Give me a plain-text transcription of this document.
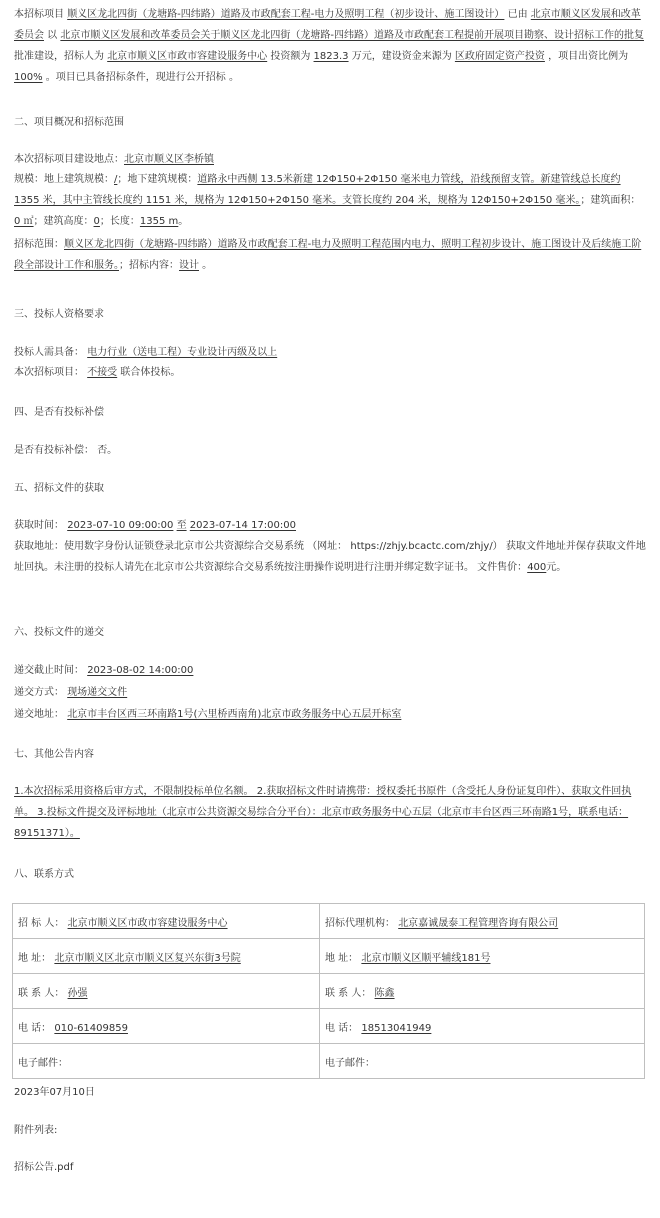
本招标项目 顺义区龙北四街（龙塘路-四纬路）道路及市政配套工程-电力及照明工程（初步设计、施工图设计） 已由 北京市顺义区发展和改革委员会 以 北京市顺义区发展和改革委员会关于顺义区龙北四街（龙塘路-四纬路）道路及市政配套工程提前开展项目勘察、设计招标工作的批复 批准建设，招标人为 北京市顺义区市政市容建设服务中心 投资额为 1823.3 万元，建设资金来源为 区政府固定资产投资 ，项目出资比例为 100% 。项目已具备招标条件，现进行公开招标 。

二、项目概况和招标范围

本次招标项目建设地点：北京市顺义区李桥镇

规模：地上建筑规模：/；地下建筑规模：道路永中西侧 13.5米新建 12Φ150+2Φ150 毫米电力管线，沿线预留支管。新建管线总长度约 1355 米，其中主管线长度约 1151 米，规格为 12Φ150+2Φ150 毫米。支管长度约 204 米，规格为 12Φ150+2Φ150 毫米。；建筑面积：0 ㎡；建筑高度：0；长度：1355 m。

招标范围：顺义区龙北四街（龙塘路-四纬路）道路及市政配套工程-电力及照明工程范围内电力、照明工程初步设计、施工图设计及后续施工阶段全部设计工作和服务。；招标内容：设计 。

三、投标人资格要求

投标人需具备： 电力行业（送电工程）专业设计丙级及以上

本次招标项目： 不接受 联合体投标。

四、是否有投标补偿

是否有投标补偿： 否。

五、招标文件的获取

获取时间： 2023-07-10 09:00:00 至 2023-07-14 17:00:00

获取地址：使用数字身份认证锁登录北京市公共资源综合交易系统 （网址： https://zhjy.bcactc.com/zhjy/） 获取文件地址并保存获取文件地址回执。未注册的投标人请先在北京市公共资源综合交易系统按注册操作说明进行注册并绑定数字证书。 文件售价：400元。

六、投标文件的递交

递交截止时间： 2023-08-02 14:00:00

递交方式： 现场递交文件

递交地址： 北京市丰台区西三环南路1号(六里桥西南角)北京市政务服务中心五层开标室

七、其他公告内容

1.本次招标采用资格后审方式，不限制投标单位名额。 2.获取招标文件时请携带：授权委托书原件（含受托人身份证复印件）、获取文件回执单。 3.投标文件提交及评标地址（北京市公共资源交易综合分平台）：北京市政务服务中心五层（北京市丰台区西三环南路1号，联系电话：89151371）。

八、联系方式

招 标 人： 北京市顺义区市政市容建设服务中心	招标代理机构： 北京嘉诚晟泰工程管理咨询有限公司
地 址： 北京市顺义区北京市顺义区复兴东街3号院	地 址： 北京市顺义区顺平辅线181号
联 系 人： 孙强	联 系 人： 陈鑫
电 话： 010-61409859	电 话： 18513041949
电子邮件：	电子邮件：

2023年07月10日

附件列表:

招标公告.pdf
